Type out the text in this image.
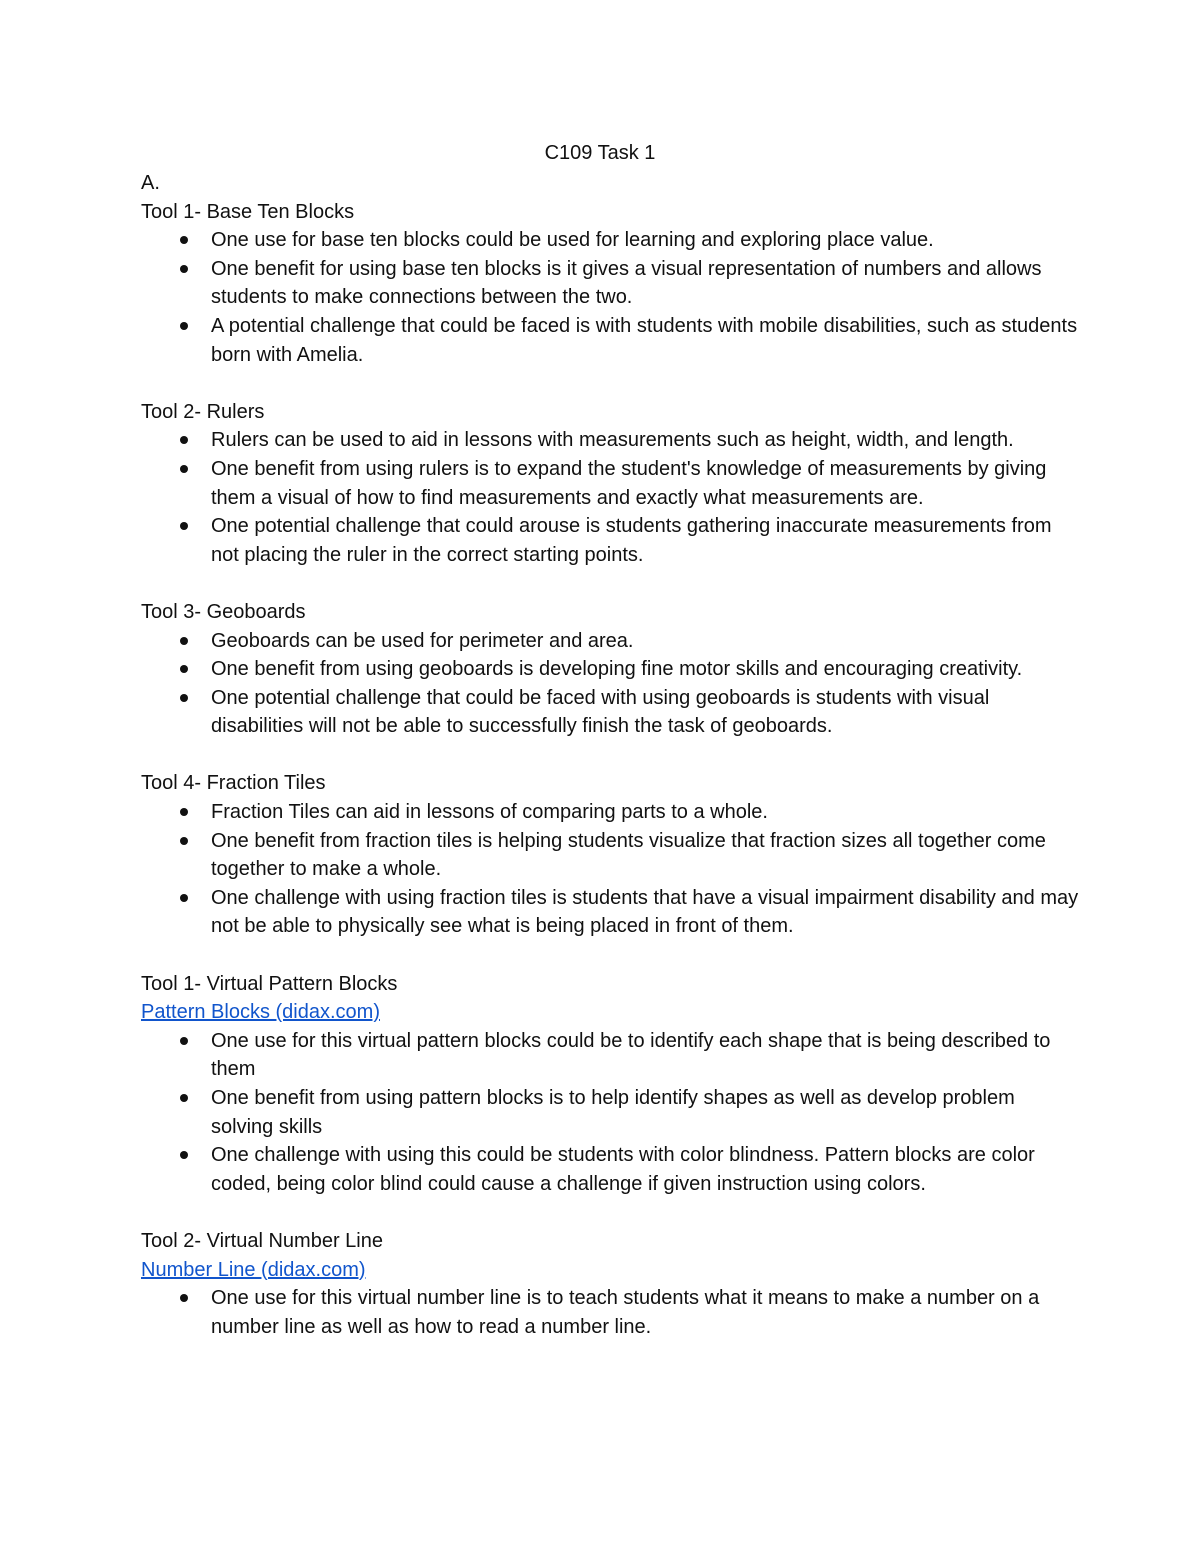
C109 Task 1
A.
Tool 1- Base Ten Blocks
One use for base ten blocks could be used for learning and exploring place value.
One benefit for using base ten blocks is it gives a visual representation of numbers and allows students to make connections between the two.
A potential challenge that could be faced is with students with mobile disabilities, such as students born with Amelia.
Tool 2- Rulers
Rulers can be used to aid in lessons with measurements such as height, width, and length.
One benefit from using rulers is to expand the student's knowledge of measurements by giving them a visual of how to find measurements and exactly what measurements are.
One potential challenge that could arouse is students gathering inaccurate measurements from not placing the ruler in the correct starting points.
Tool 3- Geoboards
Geoboards can be used for perimeter and area.
One benefit from using geoboards is developing fine motor skills and encouraging creativity.
One potential challenge that could be faced with using geoboards is students with visual disabilities will not be able to successfully finish the task of geoboards.
Tool 4- Fraction Tiles
Fraction Tiles can aid in lessons of comparing parts to a whole.
One benefit from fraction tiles is helping students visualize that fraction sizes all together come together to make a whole.
One challenge with using fraction tiles is students that have a visual impairment disability and may not be able to physically see what is being placed in front of them.
Tool 1- Virtual Pattern Blocks
Pattern Blocks (didax.com)
One use for this virtual pattern blocks could be to identify each shape that is being described to them
One benefit from using pattern blocks is to help identify shapes as well as develop problem solving skills
One challenge with using this could be students with color blindness. Pattern blocks are color coded, being color blind could cause a challenge if given instruction using colors.
Tool 2- Virtual Number Line
Number Line (didax.com)
One use for this virtual number line is to teach students what it means to make a number on a number line as well as how to read a number line.
